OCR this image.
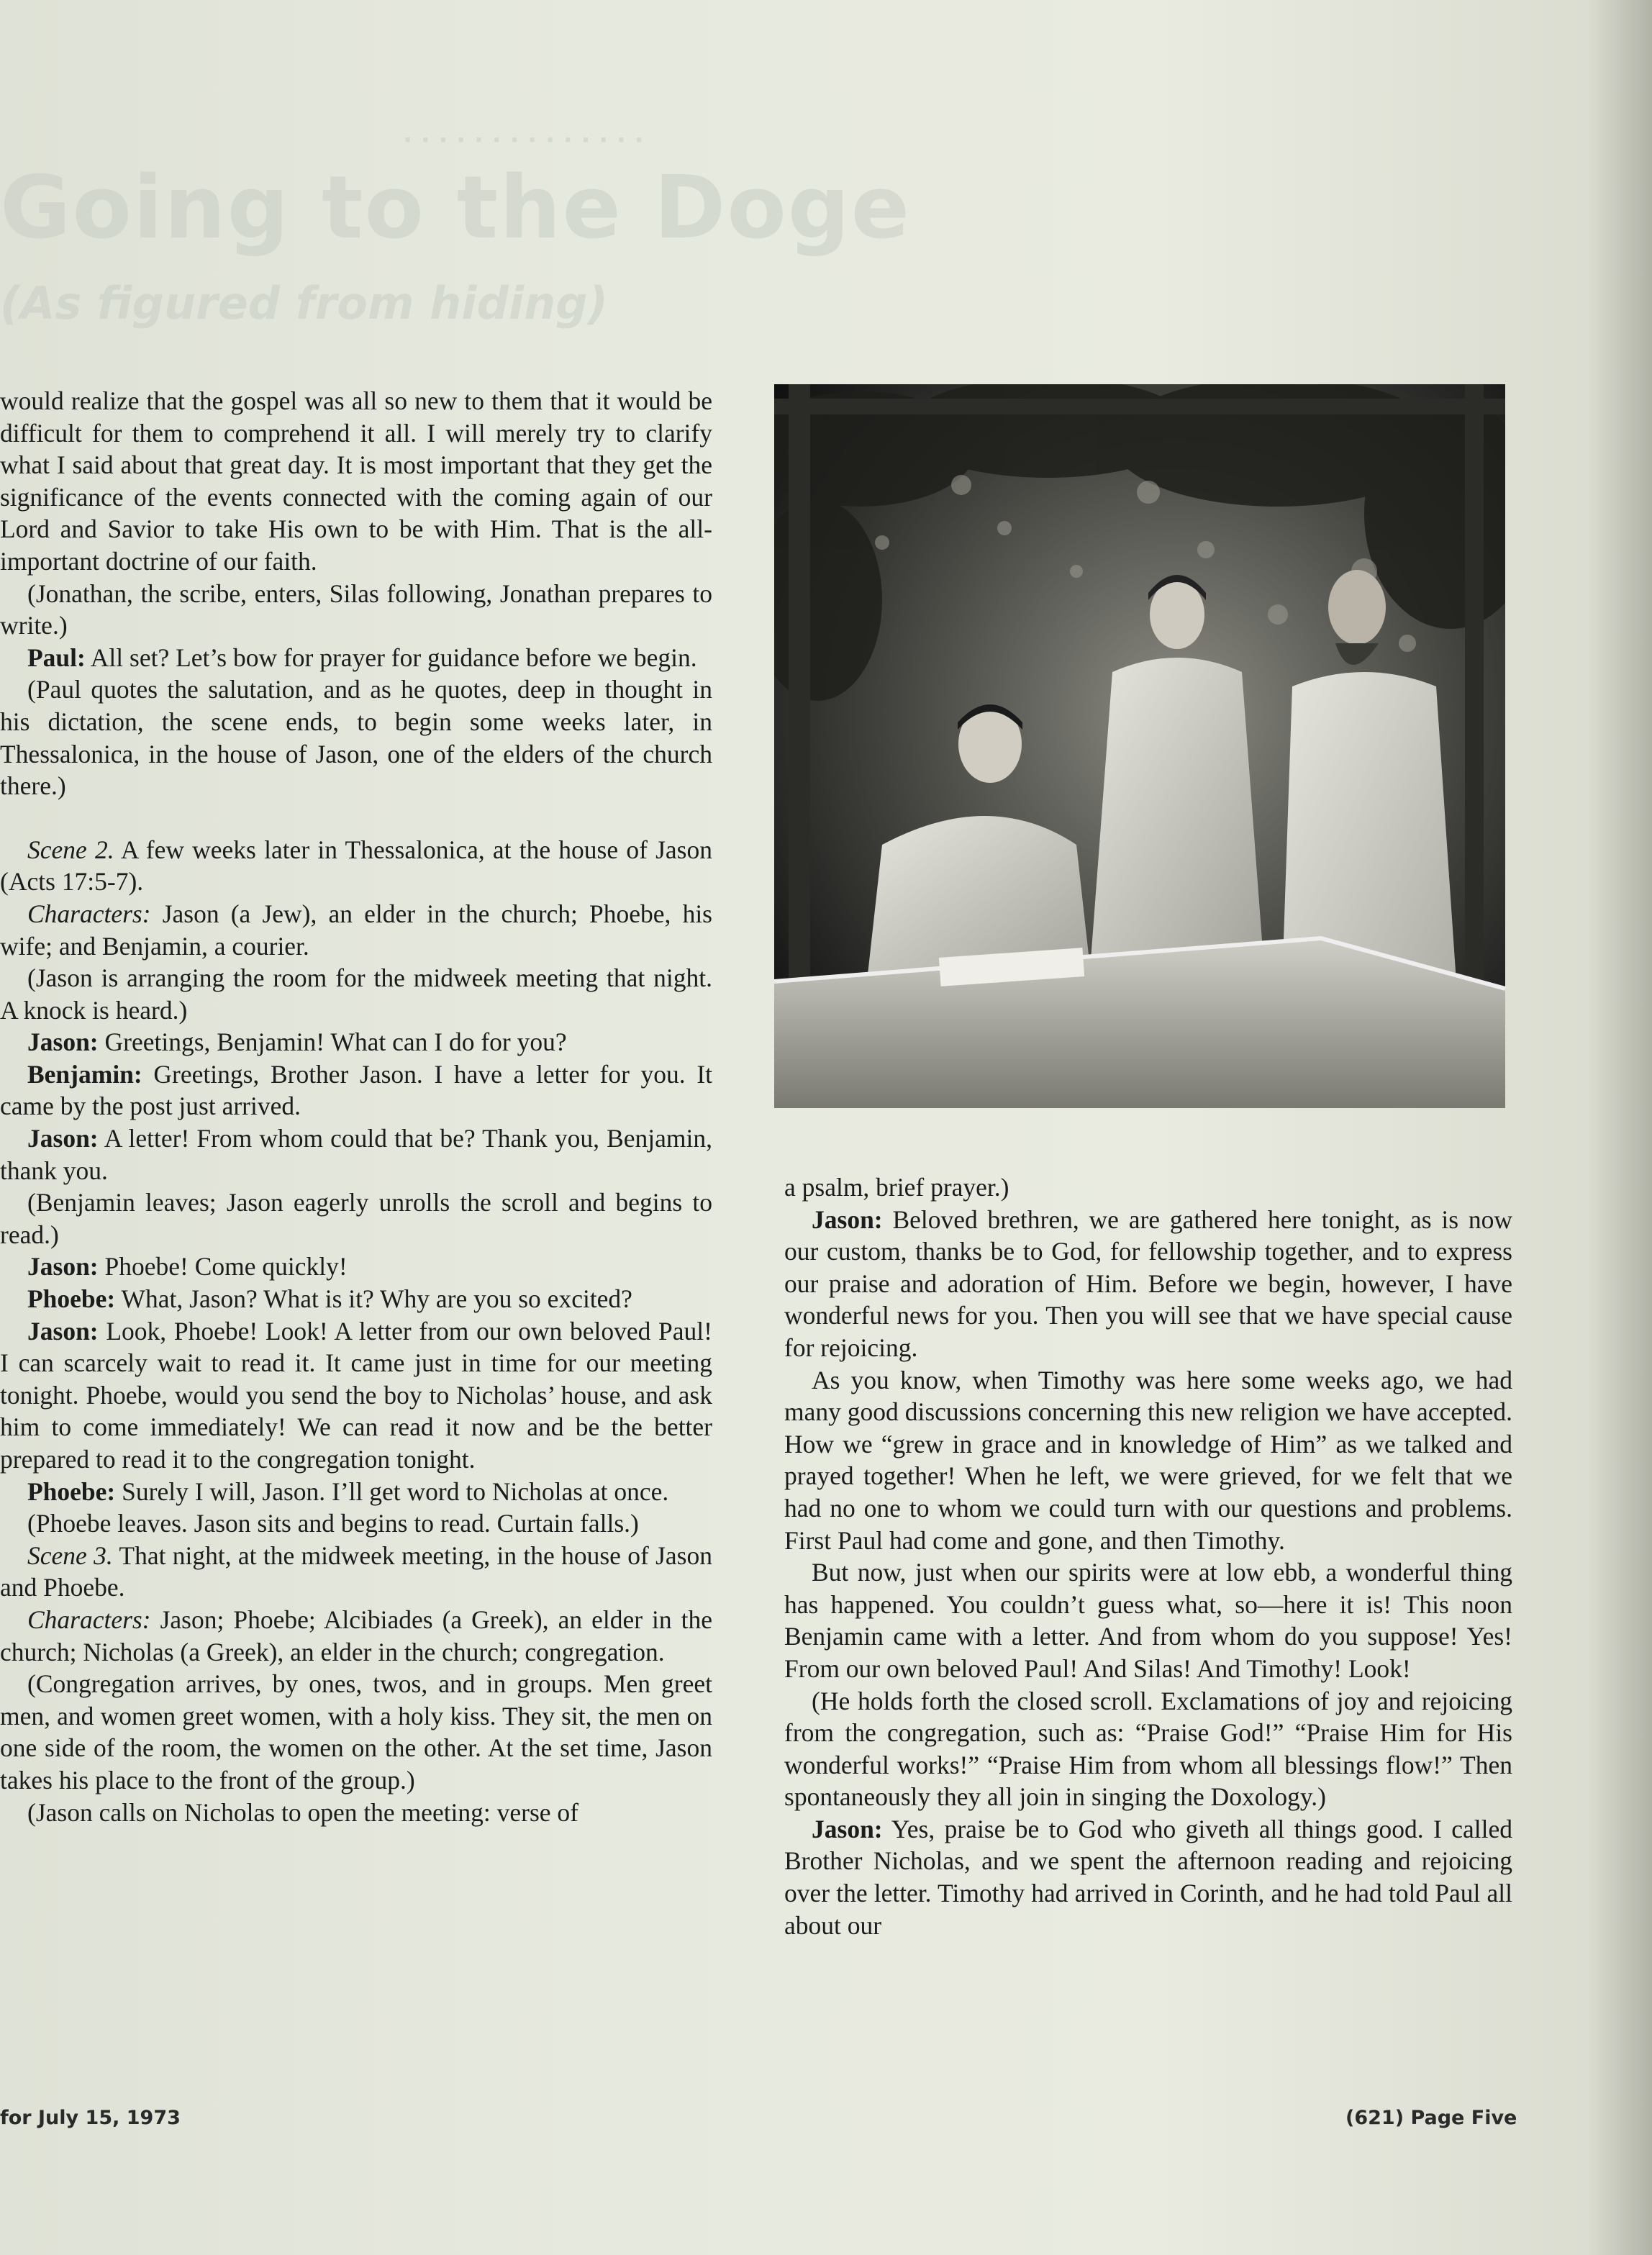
· · · · · · · · · · · · · ·
Going to the Doge
(As figured from hiding)

would realize that the gospel was all so new to them that it would be difficult for them to comprehend it all. I will merely try to clarify what I said about that great day. It is most important that they get the significance of the events connected with the coming again of our Lord and Savior to take His own to be with Him. That is the all-important doctrine of our faith.

(Jonathan, the scribe, enters, Silas following, Jonathan prepares to write.)

Paul: All set? Let’s bow for prayer for guidance before we begin.

(Paul quotes the salutation, and as he quotes, deep in thought in his dictation, the scene ends, to begin some weeks later, in Thessalonica, in the house of Jason, one of the elders of the church there.)

Scene 2. A few weeks later in Thessalonica, at the house of Jason (Acts 17:5-7).

Characters: Jason (a Jew), an elder in the church; Phoebe, his wife; and Benjamin, a courier.

(Jason is arranging the room for the midweek meeting that night. A knock is heard.)

Jason: Greetings, Benjamin! What can I do for you?

Benjamin: Greetings, Brother Jason. I have a letter for you. It came by the post just arrived.

Jason: A letter! From whom could that be? Thank you, Benjamin, thank you.

(Benjamin leaves; Jason eagerly unrolls the scroll and begins to read.)

Jason: Phoebe! Come quickly!

Phoebe: What, Jason? What is it? Why are you so excited?

Jason: Look, Phoebe! Look! A letter from our own beloved Paul! I can scarcely wait to read it. It came just in time for our meeting tonight. Phoebe, would you send the boy to Nicholas’ house, and ask him to come immediately! We can read it now and be the better prepared to read it to the congregation tonight.

Phoebe: Surely I will, Jason. I’ll get word to Nicholas at once.

(Phoebe leaves. Jason sits and begins to read. Curtain falls.)

Scene 3. That night, at the midweek meeting, in the house of Jason and Phoebe.

Characters: Jason; Phoebe; Alcibiades (a Greek), an elder in the church; Nicholas (a Greek), an elder in the church; congregation.

(Congregation arrives, by ones, twos, and in groups. Men greet men, and women greet women, with a holy kiss. They sit, the men on one side of the room, the women on the other. At the set time, Jason takes his place to the front of the group.)

(Jason calls on Nicholas to open the meeting: verse of

a psalm, brief prayer.)

Jason: Beloved brethren, we are gathered here tonight, as is now our custom, thanks be to God, for fellowship together, and to express our praise and adoration of Him. Before we begin, however, I have wonderful news for you. Then you will see that we have special cause for rejoicing.

As you know, when Timothy was here some weeks ago, we had many good discussions concerning this new religion we have accepted. How we “grew in grace and in knowledge of Him” as we talked and prayed together! When he left, we were grieved, for we felt that we had no one to whom we could turn with our questions and problems. First Paul had come and gone, and then Timothy.

But now, just when our spirits were at low ebb, a wonderful thing has happened. You couldn’t guess what, so—here it is! This noon Benjamin came with a letter. And from whom do you suppose! Yes! From our own beloved Paul! And Silas! And Timothy! Look!

(He holds forth the closed scroll. Exclamations of joy and rejoicing from the congregation, such as: “Praise God!” “Praise Him for His wonderful works!” “Praise Him from whom all blessings flow!” Then spontaneously they all join in singing the Doxology.)

Jason: Yes, praise be to God who giveth all things good. I called Brother Nicholas, and we spent the afternoon reading and rejoicing over the letter. Timothy had arrived in Corinth, and he had told Paul all about our

for July 15, 1973	(621) Page Five
